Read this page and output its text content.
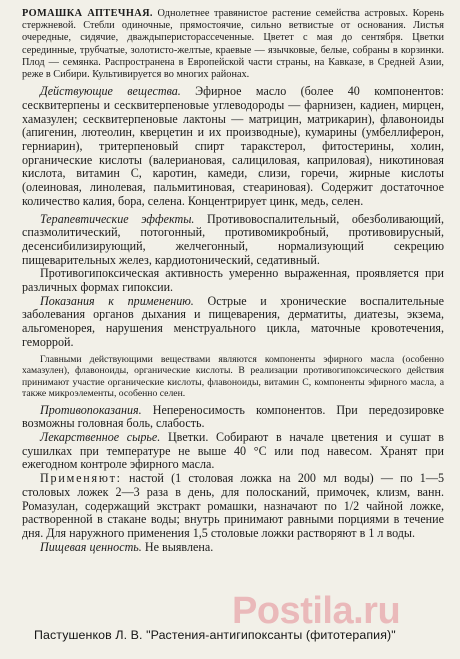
РОМАШКА АПТЕЧНАЯ. Однолетнее травянистое растение семейства астровых. Корень стержневой. Стебли одиночные, прямостоячие, сильно ветвистые от основания. Листья очередные, сидячие, дваждыперисторассеченные. Цветет с мая до сентября. Цветки серединные, трубчатые, золотисто-желтые, краевые — язычковые, белые, собраны в корзинки. Плод — семянка. Распространена в Европейской части страны, на Кавказе, в Средней Азии, реже в Сибири. Культивируется во многих районах.

Действующие вещества. Эфирное масло (более 40 компонентов: сесквитерпены и сесквитерпеновые углеводороды — фарнизен, кадиен, мирцен, хамазулен; сесквитерпеновые лактоны — матрицин, матрикарин), флавоноиды (апигенин, лютеолин, кверцетин и их производные), кумарины (умбеллиферон, герниарин), тритерпеновый спирт таракстерол, фитостерины, холин, органические кислоты (валериановая, салициловая, каприловая), никотиновая кислота, витамин С, каротин, камеди, слизи, горечи, жирные кислоты (олеиновая, линолевая, пальмитиновая, стеариновая). Содержит достаточное количество калия, бора, селена. Концентрирует цинк, медь, селен.

Терапевтические эффекты. Противовоспалительный, обезболивающий, спазмолитический, потогонный, противомикробный, противовирусный, десенсибилизирующий, желчегонный, нормализующий секрецию пищеварительных желез, кардиотонический, седативный.

Противогипоксическая активность умеренно выраженная, проявляется при различных формах гипоксии.

Показания к применению. Острые и хронические воспалительные заболевания органов дыхания и пищеварения, дерматиты, диатезы, экзема, альгоменорея, нарушения менструального цикла, маточные кровотечения, геморрой.

Главными действующими веществами являются компоненты эфирного масла (особенно хамазулен), флавоноиды, органические кислоты. В реализации противогипоксического действия принимают участие органические кислоты, флавоноиды, витамин С, компоненты эфирного масла, а также микроэлементы, особенно селен.

Противопоказания. Непереносимость компонентов. При передозировке возможны головная боль, слабость.

Лекарственное сырье. Цветки. Собирают в начале цветения и сушат в сушилках при температуре не выше 40 °С или под навесом. Хранят при ежегодном контроле эфирного масла.

Применяют: настой (1 столовая ложка на 200 мл воды) — по 1—5 столовых ложек 2—3 раза в день, для полосканий, примочек, клизм, ванн. Ромазулан, содержащий экстракт ромашки, назначают по 1/2 чайной ложке, растворенной в стакане воды; внутрь принимают равными порциями в течение дня. Для наружного применения 1,5 столовые ложки растворяют в 1 л воды.

Пищевая ценность. Не выявлена.

Postila.ru
Пастушенков Л. В. "Растения-антигипоксанты (фитотерапия)"
